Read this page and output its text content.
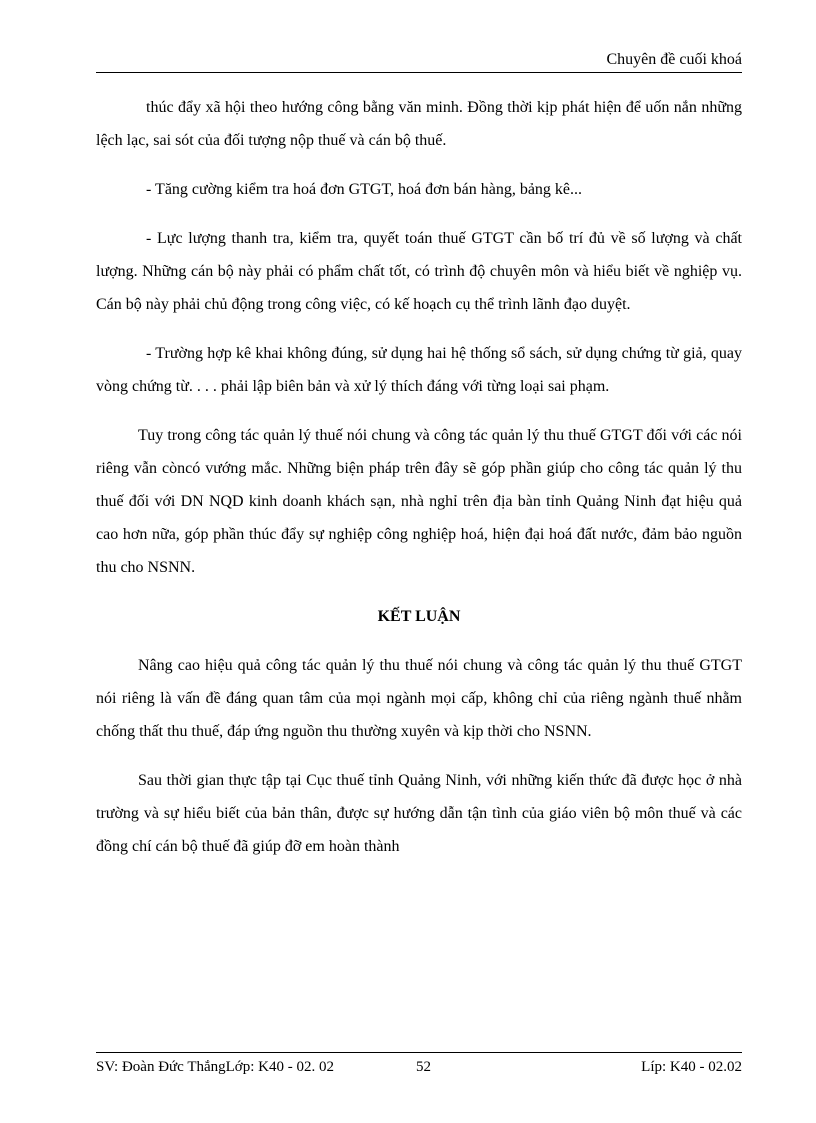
Chuyên đề cuối khoá

thúc đẩy xã hội theo hướng công bằng văn minh. Đồng thời kịp phát hiện để uốn nắn những lệch lạc, sai sót của đối tượng nộp thuế và cán bộ thuế.

- Tăng cường kiểm tra hoá đơn GTGT, hoá đơn bán hàng, bảng kê...

- Lực lượng thanh tra, kiểm tra, quyết toán thuế GTGT cần bố trí đủ về số lượng và chất lượng. Những cán bộ này phải có phẩm chất tốt, có trình độ chuyên môn và hiểu biết về nghiệp vụ. Cán bộ này phải chủ động trong công việc, có kế hoạch cụ thể trình lãnh đạo duyệt.

- Trường hợp kê khai không đúng, sử dụng hai hệ thống sổ sách, sử dụng chứng từ giả, quay vòng chứng từ. . . . phải lập biên bản và xử lý thích đáng với từng loại sai phạm.

Tuy trong công tác quản lý thuế nói chung và công tác quản lý thu thuế GTGT đối với các nói riêng vẫn còncó vướng mắc. Những biện pháp trên đây sẽ góp phần giúp cho công tác quản lý thu thuế đối với DN NQD kinh doanh khách sạn, nhà nghỉ trên địa bàn tỉnh Quảng Ninh đạt hiệu quả cao hơn nữa, góp phần thúc đẩy sự nghiệp công nghiệp hoá, hiện đại hoá đất nước, đảm bảo nguồn thu cho NSNN.

KẾT LUẬN

Nâng cao hiệu quả công tác quản lý thu thuế nói chung và công tác quản lý thu thuế GTGT nói riêng là vấn đề đáng quan tâm của mọi ngành mọi cấp, không chỉ của riêng ngành thuế nhằm chống thất thu thuế, đáp ứng nguồn thu thường xuyên và kịp thời cho NSNN.

Sau thời gian thực tập tại Cục thuế tỉnh Quảng Ninh, với những kiến thức đã được học ở nhà trường và sự hiểu biết của bản thân, được sự hướng dẫn tận tình của giáo viên bộ môn thuế và các đồng chí cán bộ thuế đã giúp đỡ em hoàn thành

SV: Đoàn Đức ThắngLớp: K40 - 02. 02	52	Líp: K40 - 02.02
